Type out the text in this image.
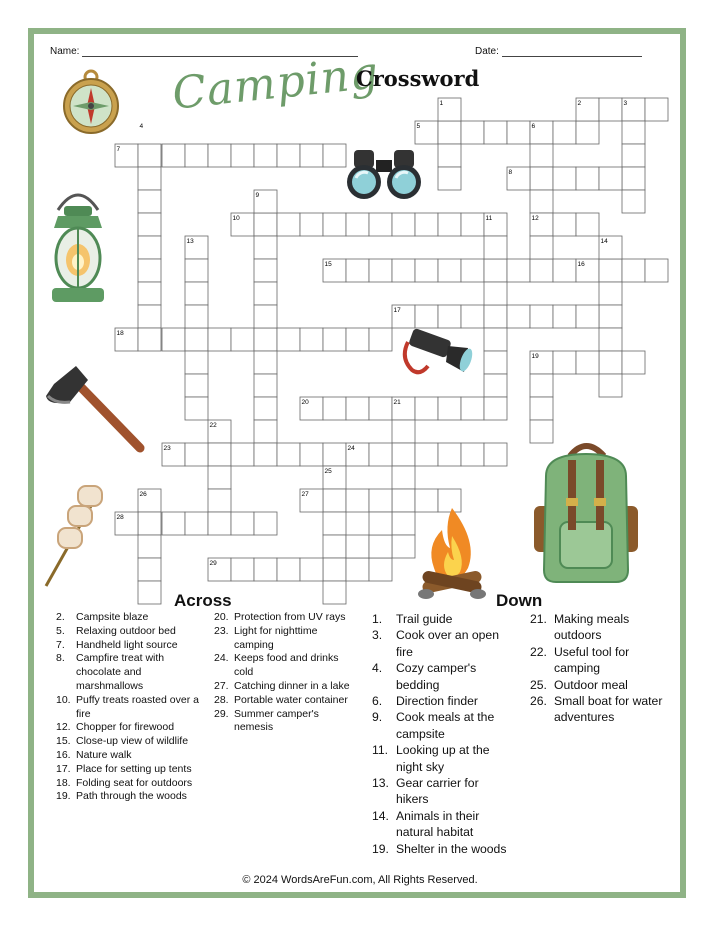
Name:	Date:
Camping
Crossword
1	2	3
4	5	6
7
8
9
10	11	12
13	14
15	16
17
18
19
20	21
22
23	24
25
26	27
28
29
Across	Down
2.	Campsite blaze
5.	Relaxing outdoor bed
7.	Handheld light source
8.	Campfire treat with chocolate and marshmallows
10. Puffy treats roasted over a fire
12. Chopper for firewood
15. Close-up view of wildlife
16. Nature walk
17. Place for setting up tents
18. Folding seat for outdoors
19. Path through the woods
20. Protection from UV rays
23. Light for nighttime camping
24. Keeps food and drinks cold
27. Catching dinner in a lake
28. Portable water container
29. Summer camper's nemesis
1.	Trail guide
3.	Cook over an open fire
4.	Cozy camper's bedding
6.	Direction finder
9.	Cook meals at the campsite
11. Looking up at the night sky
13. Gear carrier for hikers
14. Animals in their natural habitat
19. Shelter in the woods
21. Making meals outdoors
22. Useful tool for camping
25. Outdoor meal
26. Small boat for water adventures
© 2024 WordsAreFun.com, All Rights Reserved.
